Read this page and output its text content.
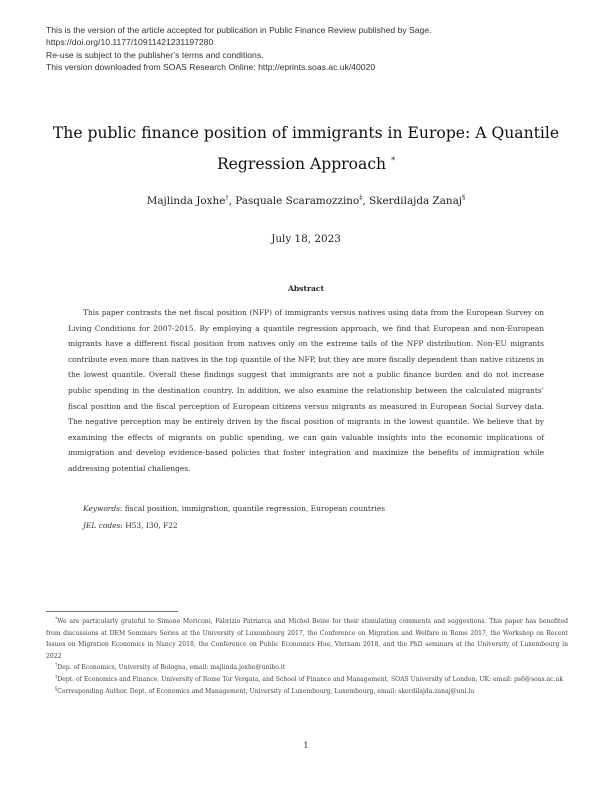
This is the version of the article accepted for publication in Public Finance Review published by Sage.
https://doi.org/10.1177/10911421231197280
Re-use is subject to the publisher’s terms and conditions.
This version downloaded from SOAS Research Online: http://eprints.soas.ac.uk/40020
The public finance position of immigrants in Europe: A Quantile
Regression Approach *
Majlinda Joxhe†, Pasquale Scaramozzino‡, Skerdilajda Zanaj§
July 18, 2023
Abstract

This paper contrasts the net fiscal position (NFP) of immigrants versus natives using data from the European Survey on Living Conditions for 2007-2015. By employing a quantile regression approach, we find that European and non-European migrants have a different fiscal position from natives only on the extreme tails of the NFP distribution. Non-EU migrants contribute even more than natives in the top quantile of the NFP, but they are more fiscally dependent than native citizens in the lowest quantile. Overall these findings suggest that immigrants are not a public finance burden and do not increase public spending in the destination country. In addition, we also examine the relationship between the calculated migrants’ fiscal position and the fiscal perception of European citizens versus migrants as measured in European Social Survey data. The negative perception may be entirely driven by the fiscal position of migrants in the lowest quantile. We believe that by examining the effects of migrants on public spending, we can gain valuable insights into the economic implications of immigration and develop evidence-based policies that foster integration and maximize the benefits of immigration while addressing potential challenges.

Keywords: fiscal position, immigration, quantile regression, European countries
JEL codes: H53, I30, F22

*We are particularly grateful to Simone Moriconi, Fabrizio Patriarca and Michel Beine for their stimulating comments and suggestions. This paper has benefited from discussions at DEM Seminars Series at the University of Luxembourg 2017, the Conference on Migration and Welfare in Rome 2017, the Workshop on Recent Issues on Migration Economics in Nancy 2018, the Conference on Public Economics Hue, Vietnam 2018, and the PhD seminars at the University of Luxembourg in 2022

†Dep. of Economics, University of Bologna, email: majlinda.joxhe@unibo.it

‡Dept. of Economics and Finance, University of Rome Tor Vergata, and School of Finance and Management, SOAS University of London, UK: email: ps6@soas.ac.uk

§Corresponding Author. Dept. of Economics and Management, University of Luxembourg, Luxembourg, email: skerdilajda.zanaj@uni.lu

1
